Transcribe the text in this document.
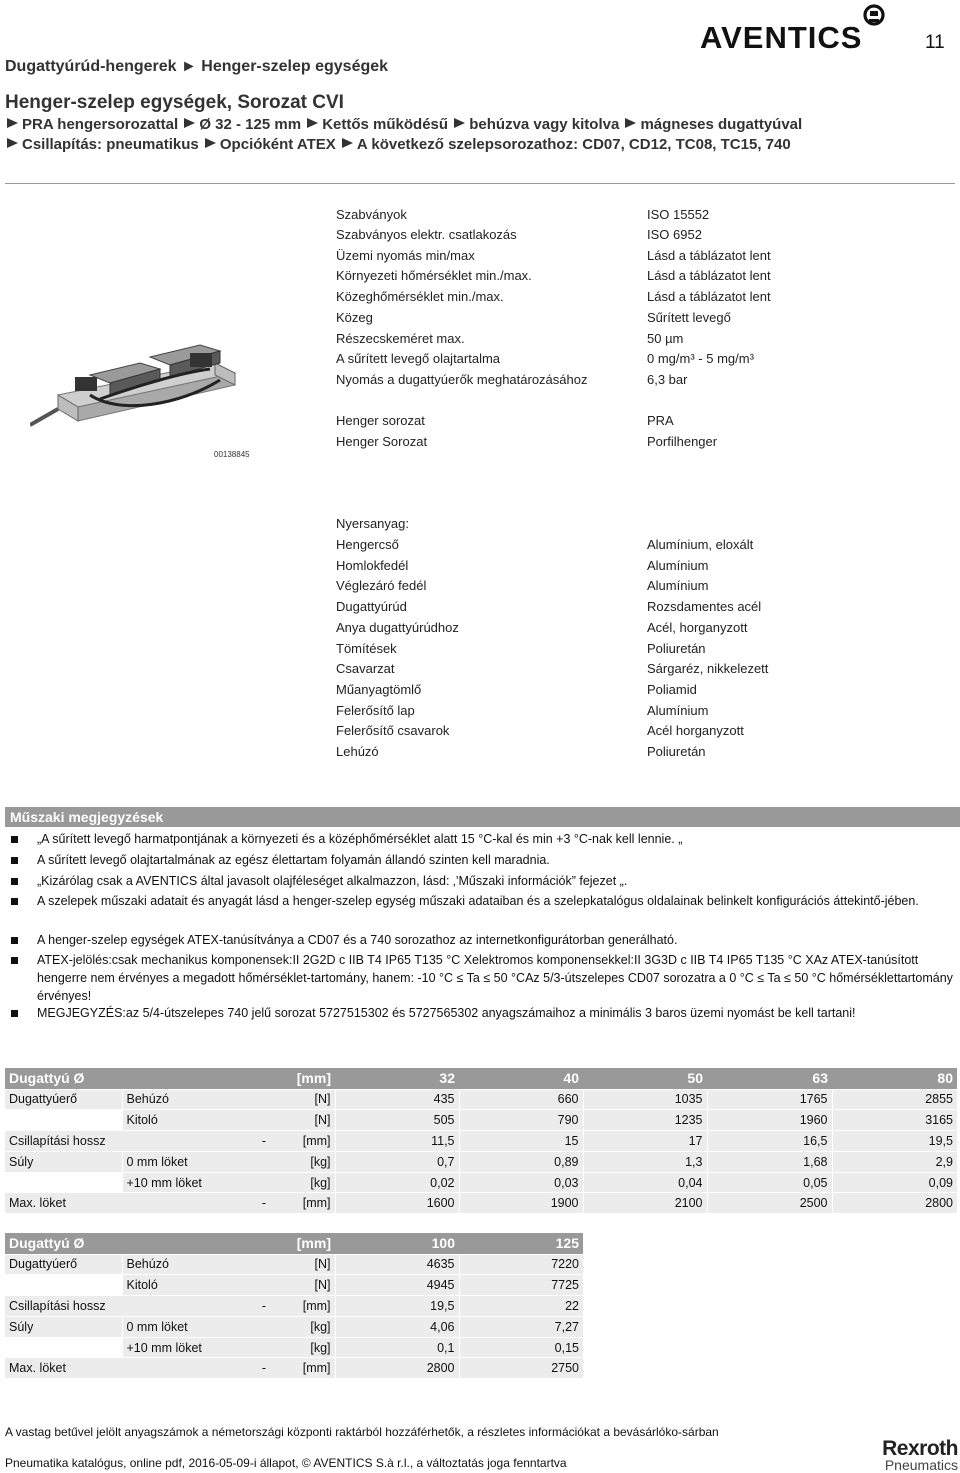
11
AVENTICS
Dugattyúrúd-hengerek ► Henger-szelep egységek
Henger-szelep egységek, Sorozat CVI
PRA hengersorozattal Ø 32 - 125 mm Kettős működésű behúzva vagy kitolva mágneses dugattyúval
Csillapítás: pneumatikus Opcióként ATEX A következő szelepsorozathoz: CD07, CD12, TC08, TC15, 740
00138845
Szabványok	ISO 15552
Szabványos elektr. csatlakozás	ISO 6952
Üzemi nyomás min/max	Lásd a táblázatot lent
Környezeti hőmérséklet min./max.	Lásd a táblázatot lent
Közeghőmérséklet min./max.	Lásd a táblázatot lent
Közeg	Sűrített levegő
Részecskeméret max.	50 µm
A sűrített levegő olajtartalma	0 mg/m³ - 5 mg/m³
Nyomás a dugattyúerők meghatározásához	6,3 bar
Henger sorozat	PRA
Henger Sorozat	Porfilhenger
Nyersanyag:
Hengercső	Alumínium, eloxált
Homlokfedél	Alumínium
Véglezáró fedél	Alumínium
Dugattyúrúd	Rozsdamentes acél
Anya dugattyúrúdhoz	Acél, horganyzott
Tömítések	Poliuretán
Csavarzat	Sárgaréz, nikkelezett
Műanyagtömlő	Poliamid
Felerősítő lap	Alumínium
Felerősítő csavarok	Acél horganyzott
Lehúzó	Poliuretán
Műszaki megjegyzések
„A sűrített levegő harmatpontjának a környezeti és a középhőmérséklet alatt 15 °C-kal és min +3 °C-nak kell lennie. „
A sűrített levegő olajtartalmának az egész élettartam folyamán állandó szinten kell maradnia.
„Kizárólag csak a AVENTICS által javasolt olajféleséget alkalmazzon, lásd: ‚’Műszaki információk” fejezet „.
A szelepek műszaki adatait és anyagát lásd a henger-szelep egység műszaki adataiban és a szelepkatalógus oldalainak belinkelt konfigurációs áttekintő-jében.
A henger-szelep egységek ATEX-tanúsítványa a CD07 és a 740 sorozathoz az internetkonfigurátorban generálható.
ATEX-jelölés:csak mechanikus komponensek:II 2G2D c IIB T4 IP65 T135 °C Xelektromos komponensekkel:II 3G3D c IIB T4 IP65 T135 °C XAz ATEX-tanúsított hengerre nem érvényes a megadott hőmérséklet-tartomány, hanem: -10 °C ≤ Ta ≤ 50 °CAz 5/3-útszelepes CD07 sorozatra a 0 °C ≤ Ta ≤ 50 °C hőmérséklettartomány érvényes!
MEGJEGYZÉS:az 5/4-útszelepes 740 jelű sorozat 5727515302 és 5727565302 anyagszámaihoz a minimális 3 baros üzemi nyomást be kell tartani!
Dugattyú Ø			[mm]	32	40	50	63	80
Dugattyúerő	Behúzó		[N]	435	660	1035	1765	2855
	Kitoló		[N]	505	790	1235	1960	3165
Csillapítási hossz		-	[mm]	11,5	15	17	16,5	19,5
Súly	0 mm löket		[kg]	0,7	0,89	1,3	1,68	2,9
	+10 mm löket		[kg]	0,02	0,03	0,04	0,05	0,09
Max. löket		-	[mm]	1600	1900	2100	2500	2800
Dugattyú Ø			[mm]	100	125
Dugattyúerő	Behúzó		[N]	4635	7220
	Kitoló		[N]	4945	7725
Csillapítási hossz		-	[mm]	19,5	22
Súly	0 mm löket		[kg]	4,06	7,27
	+10 mm löket		[kg]	0,1	0,15
Max. löket		-	[mm]	2800	2750
A vastag betűvel jelölt anyagszámok a németországi központi raktárból hozzáférhetők, a részletes információkat a bevásárlóko-sárban
Pneumatika katalógus, online pdf, 2016-05-09-i állapot, © AVENTICS S.à r.l., a változtatás joga fenntartva
Rexroth
Pneumatics
